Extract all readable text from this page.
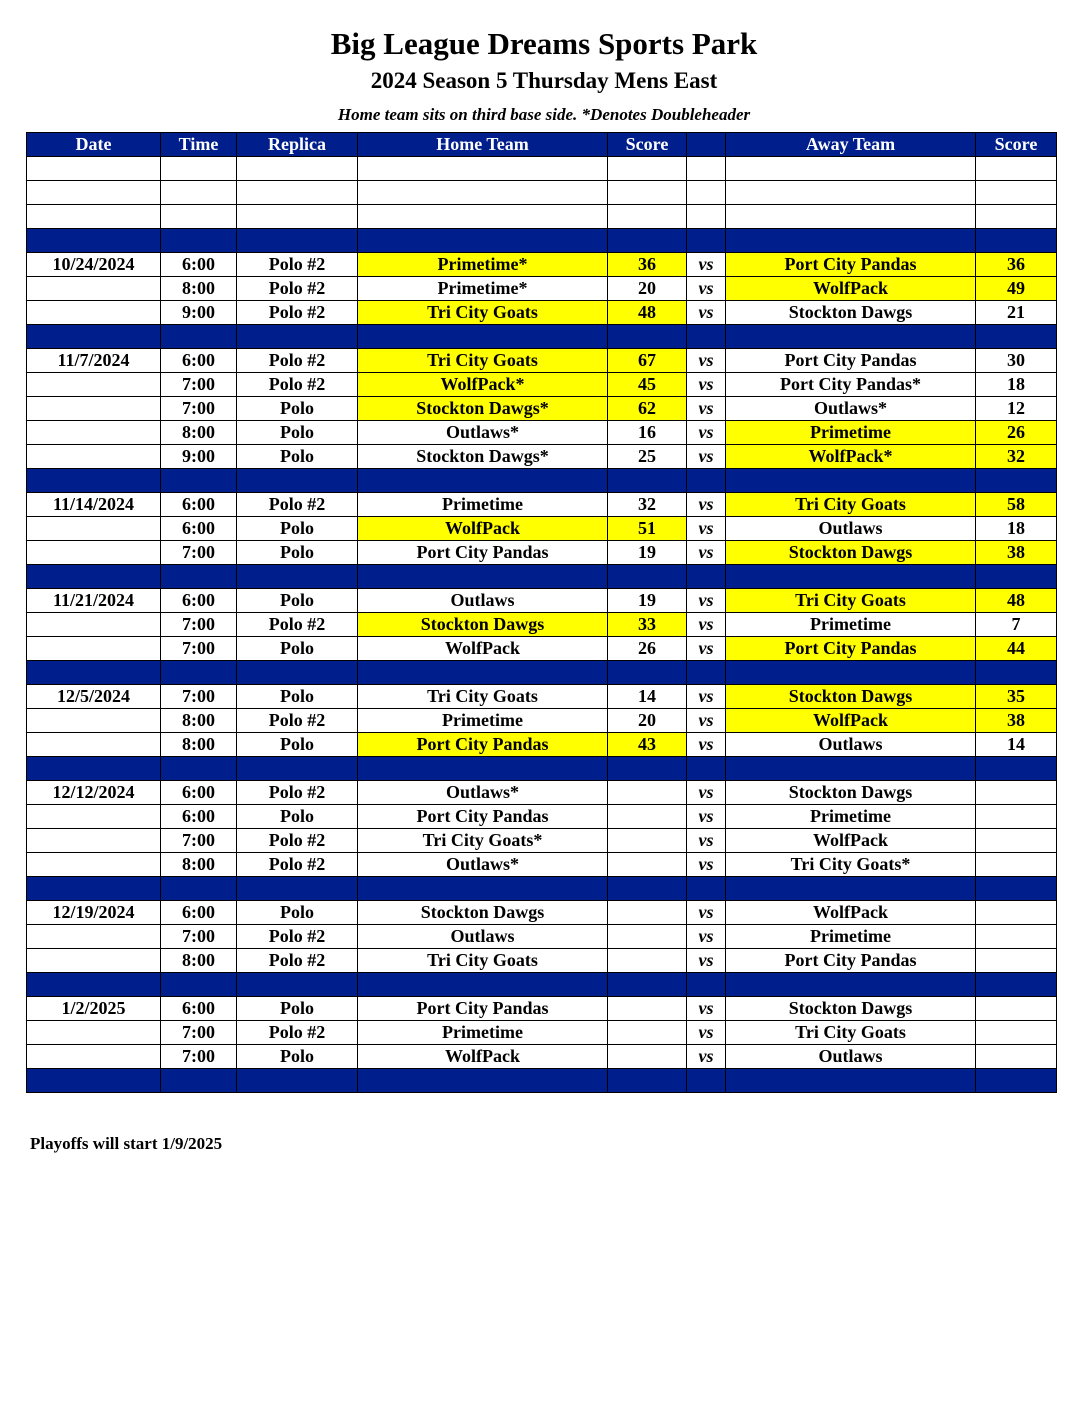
Big League Dreams Sports Park
2024 Season 5 Thursday Mens East
Home team sits on third base side. *Denotes Doubleheader
Date	Time	Replica	Home Team	Score		Away Team	Score

10/24/2024	6:00	Polo #2	Primetime*	36	vs	Port City Pandas	36
	8:00	Polo #2	Primetime*	20	vs	WolfPack	49
	9:00	Polo #2	Tri City Goats	48	vs	Stockton Dawgs	21

11/7/2024	6:00	Polo #2	Tri City Goats	67	vs	Port City Pandas	30
	7:00	Polo #2	WolfPack*	45	vs	Port City Pandas*	18
	7:00	Polo	Stockton Dawgs*	62	vs	Outlaws*	12
	8:00	Polo	Outlaws*	16	vs	Primetime	26
	9:00	Polo	Stockton Dawgs*	25	vs	WolfPack*	32

11/14/2024	6:00	Polo #2	Primetime	32	vs	Tri City Goats	58
	6:00	Polo	WolfPack	51	vs	Outlaws	18
	7:00	Polo	Port City Pandas	19	vs	Stockton Dawgs	38

11/21/2024	6:00	Polo	Outlaws	19	vs	Tri City Goats	48
	7:00	Polo #2	Stockton Dawgs	33	vs	Primetime	7
	7:00	Polo	WolfPack	26	vs	Port City Pandas	44

12/5/2024	7:00	Polo	Tri City Goats	14	vs	Stockton Dawgs	35
	8:00	Polo #2	Primetime	20	vs	WolfPack	38
	8:00	Polo	Port City Pandas	43	vs	Outlaws	14

12/12/2024	6:00	Polo #2	Outlaws*		vs	Stockton Dawgs	
	6:00	Polo	Port City Pandas		vs	Primetime	
	7:00	Polo #2	Tri City Goats*		vs	WolfPack	
	8:00	Polo #2	Outlaws*		vs	Tri City Goats*	

12/19/2024	6:00	Polo	Stockton Dawgs		vs	WolfPack	
	7:00	Polo #2	Outlaws		vs	Primetime	
	8:00	Polo #2	Tri City Goats		vs	Port City Pandas	

1/2/2025	6:00	Polo	Port City Pandas		vs	Stockton Dawgs	
	7:00	Polo #2	Primetime		vs	Tri City Goats	
	7:00	Polo	WolfPack		vs	Outlaws	

Playoffs will start 1/9/2025
